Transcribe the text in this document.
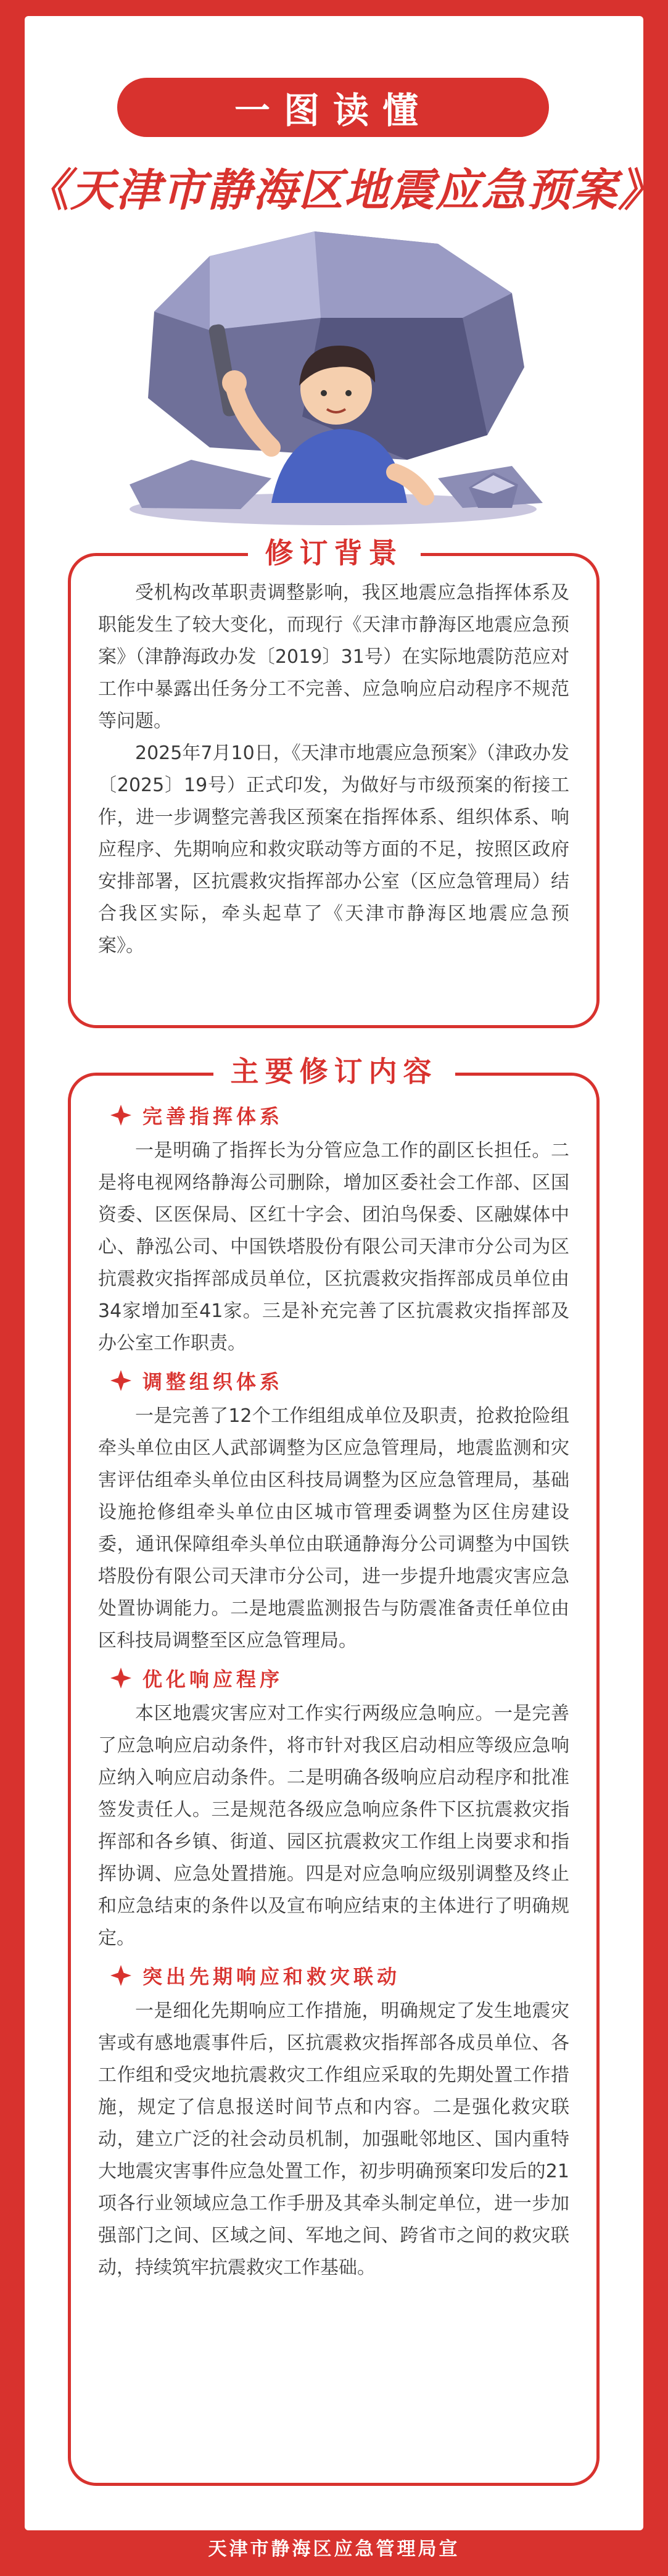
一图读懂
《天津市静海区地震应急预案》
修订背景

受机构改革职责调整影响，我区地震应急指挥体系及职能发生了较大变化，而现行《天津市静海区地震应急预案》（津静海政办发〔2019〕31号）在实际地震防范应对工作中暴露出任务分工不完善、应急响应启动程序不规范等问题。

2025年7月10日，《天津市地震应急预案》（津政办发〔2025〕19号）正式印发，为做好与市级预案的衔接工作，进一步调整完善我区预案在指挥体系、组织体系、响应程序、先期响应和救灾联动等方面的不足，按照区政府安排部署，区抗震救灾指挥部办公室（区应急管理局）结合我区实际，牵头起草了《天津市静海区地震应急预案》。

主要修订内容
完善指挥体系

一是明确了指挥长为分管应急工作的副区长担任。二是将电视网络静海公司删除，增加区委社会工作部、区国资委、区医保局、区红十字会、团泊鸟保委、区融媒体中心、静泓公司、中国铁塔股份有限公司天津市分公司为区抗震救灾指挥部成员单位，区抗震救灾指挥部成员单位由34家增加至41家。三是补充完善了区抗震救灾指挥部及办公室工作职责。

调整组织体系

一是完善了12个工作组组成单位及职责，抢救抢险组牵头单位由区人武部调整为区应急管理局，地震监测和灾害评估组牵头单位由区科技局调整为区应急管理局，基础设施抢修组牵头单位由区城市管理委调整为区住房建设委，通讯保障组牵头单位由联通静海分公司调整为中国铁塔股份有限公司天津市分公司，进一步提升地震灾害应急处置协调能力。二是地震监测报告与防震准备责任单位由区科技局调整至区应急管理局。

优化响应程序

本区地震灾害应对工作实行两级应急响应。一是完善了应急响应启动条件，将市针对我区启动相应等级应急响应纳入响应启动条件。二是明确各级响应启动程序和批准签发责任人。三是规范各级应急响应条件下区抗震救灾指挥部和各乡镇、街道、园区抗震救灾工作组上岗要求和指挥协调、应急处置措施。四是对应急响应级别调整及终止和应急结束的条件以及宣布响应结束的主体进行了明确规定。

突出先期响应和救灾联动

一是细化先期响应工作措施，明确规定了发生地震灾害或有感地震事件后，区抗震救灾指挥部各成员单位、各工作组和受灾地抗震救灾工作组应采取的先期处置工作措施，规定了信息报送时间节点和内容。二是强化救灾联动，建立广泛的社会动员机制，加强毗邻地区、国内重特大地震灾害事件应急处置工作，初步明确预案印发后的21项各行业领域应急工作手册及其牵头制定单位，进一步加强部门之间、区域之间、军地之间、跨省市之间的救灾联动，持续筑牢抗震救灾工作基础。

天津市静海区应急管理局宣
